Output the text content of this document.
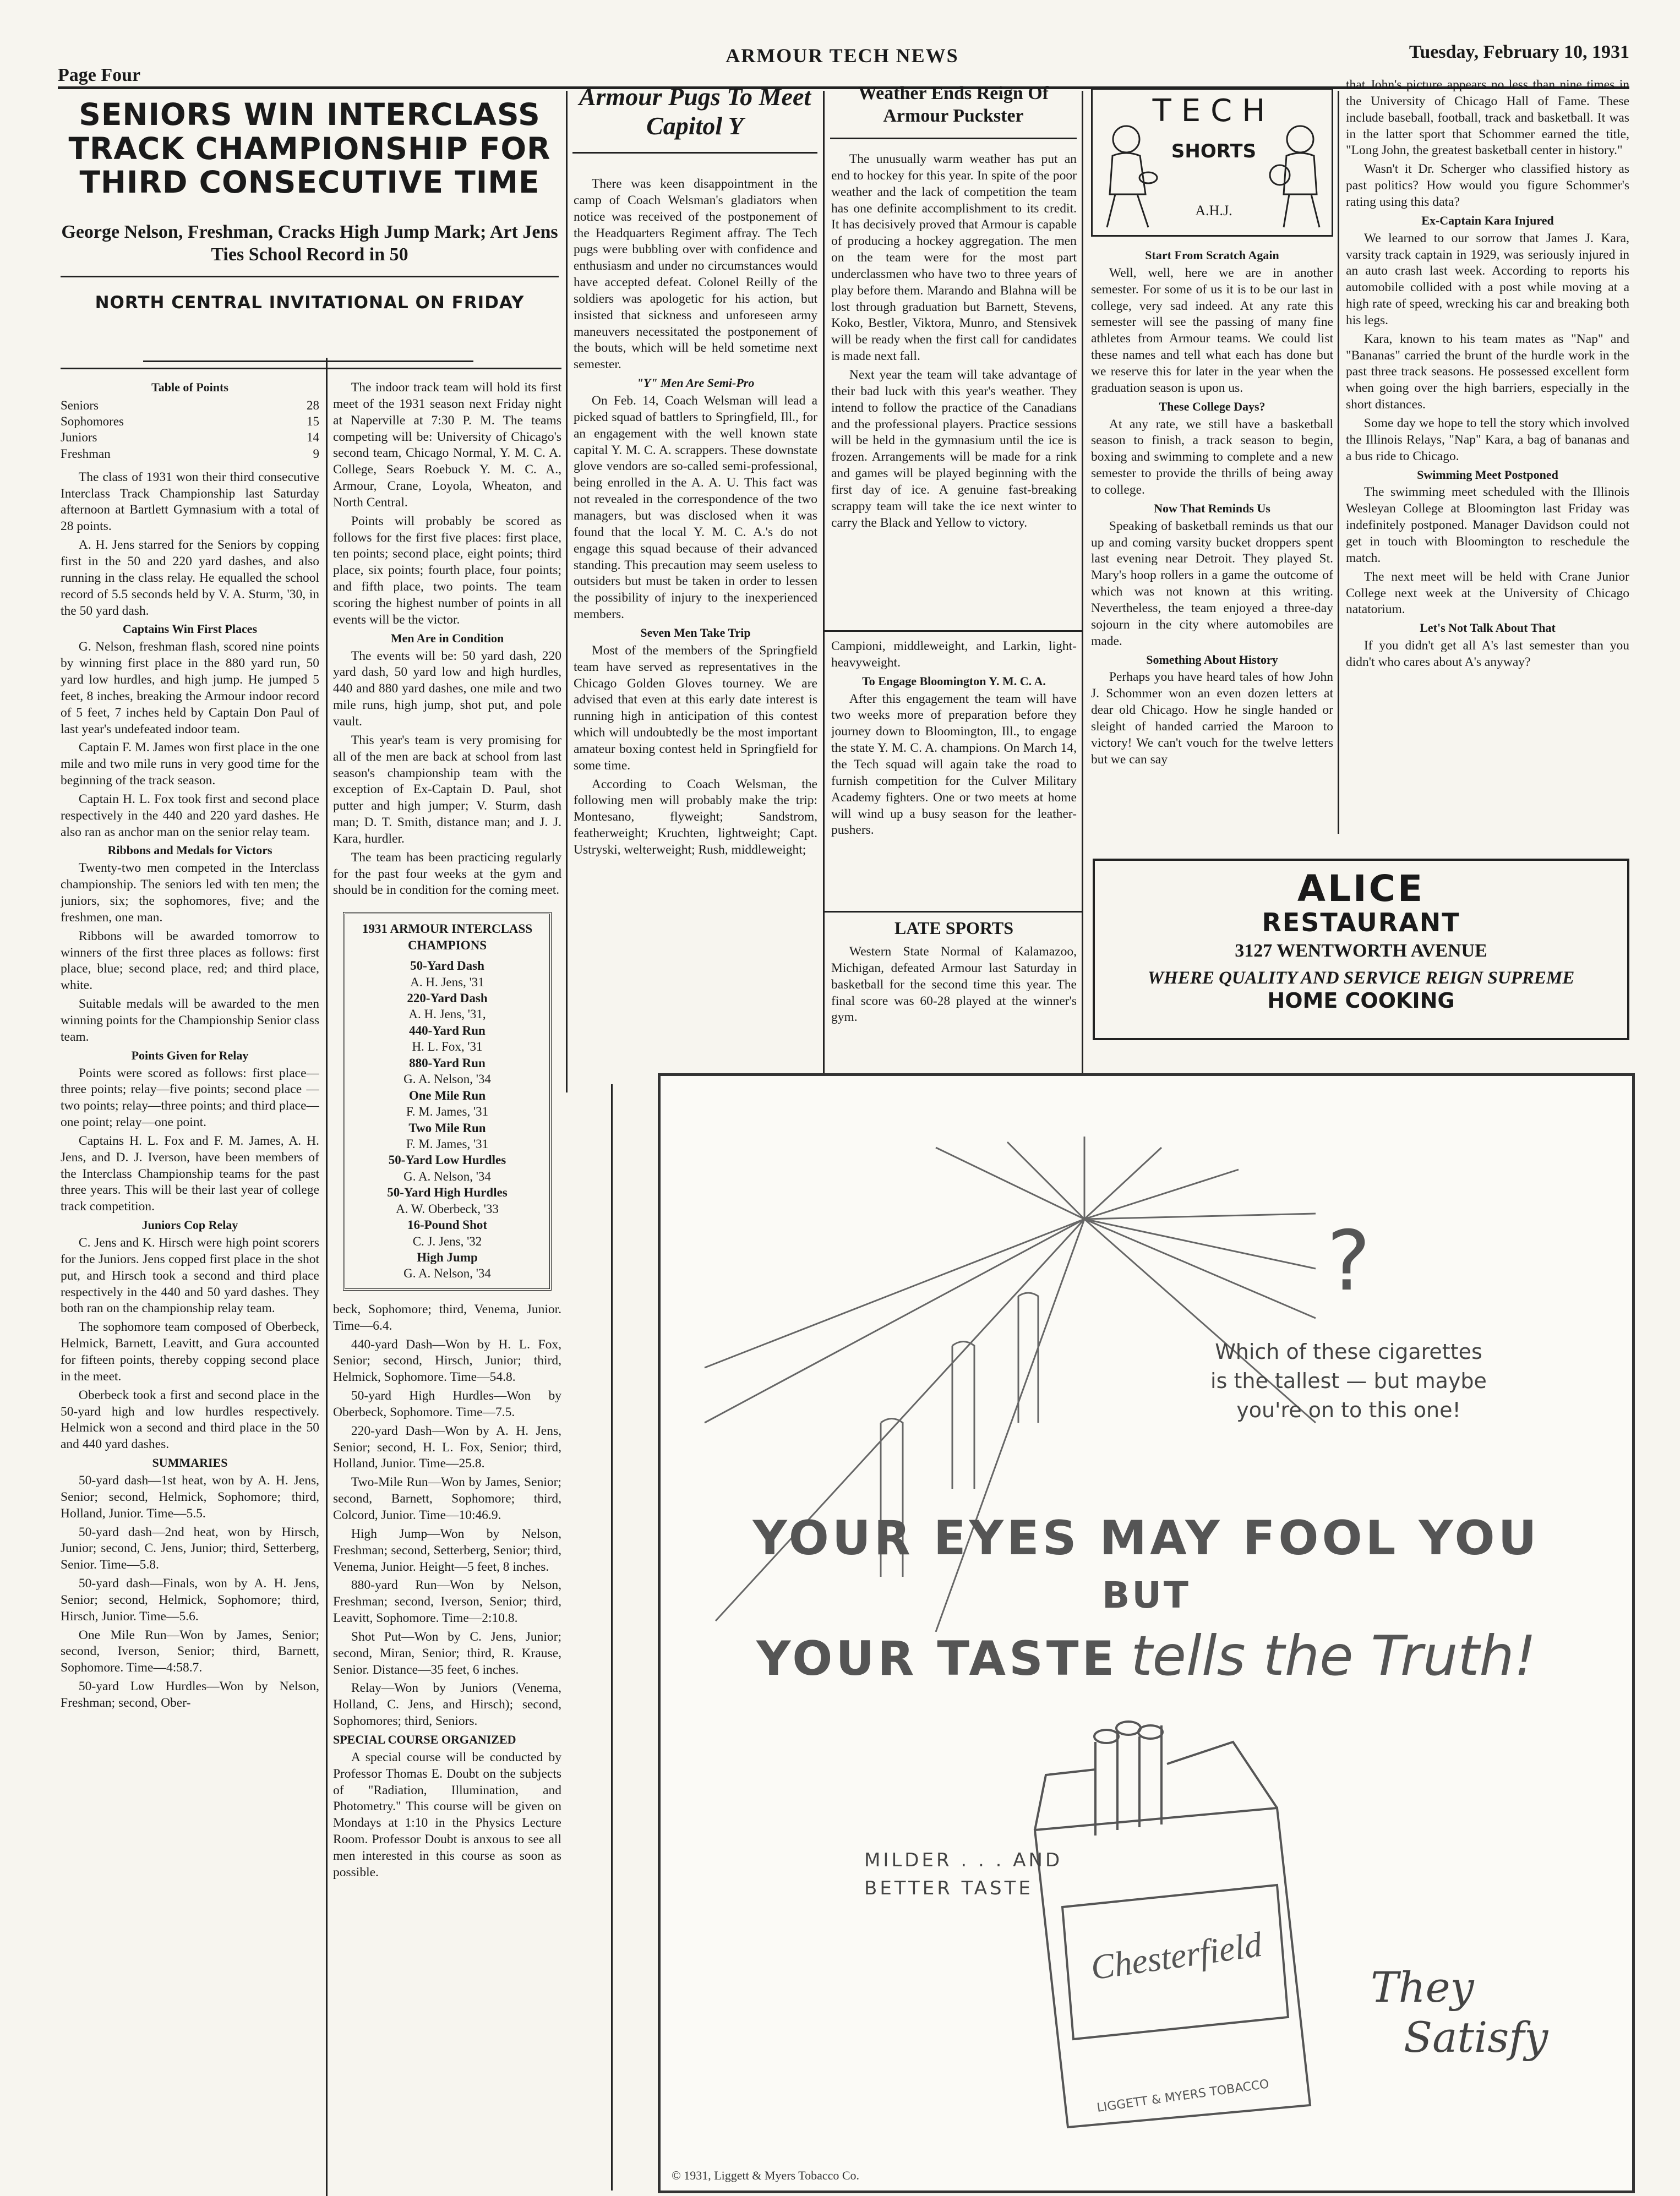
Page Four
ARMOUR TECH NEWS	Tuesday, February 10, 1931
SENIORS WIN INTERCLASS TRACK CHAMPIONSHIP FOR THIRD CONSECUTIVE TIME
George Nelson, Freshman, Cracks High Jump Mark; Art Jens Ties School Record in 50
NORTH CENTRAL INVITATIONAL ON FRIDAY

Table of Points

Seniors	28
Sophomores	15
Juniors	14
Freshman	9

The class of 1931 won their third consecutive Interclass Track Championship last Saturday afternoon at Bartlett Gymnasium with a total of 28 points.

A. H. Jens starred for the Seniors by copping first in the 50 and 220 yard dashes, and also running in the class relay. He equalled the school record of 5.5 seconds held by V. A. Sturm, '30, in the 50 yard dash.

Captains Win First Places

G. Nelson, freshman flash, scored nine points by winning first place in the 880 yard run, 50 yard low hurdles, and high jump. He jumped 5 feet, 8 inches, breaking the Armour indoor record of 5 feet, 7 inches held by Captain Don Paul of last year's undefeated indoor team.

Captain F. M. James won first place in the one mile and two mile runs in very good time for the beginning of the track season.

Captain H. L. Fox took first and second place respectively in the 440 and 220 yard dashes. He also ran as anchor man on the senior relay team.

Ribbons and Medals for Victors

Twenty-two men competed in the Interclass championship. The seniors led with ten men; the juniors, six; the sophomores, five; and the freshmen, one man.

Ribbons will be awarded tomorrow to winners of the first three places as follows: first place, blue; second place, red; and third place, white.

Suitable medals will be awarded to the men winning points for the Championship Senior class team.

Points Given for Relay

Points were scored as follows: first place—three points; relay—five points; second place — two points; relay—three points; and third place—one point; relay—one point.

Captains H. L. Fox and F. M. James, A. H. Jens, and D. J. Iverson, have been members of the Interclass Championship teams for the past three years. This will be their last year of college track competition.

Juniors Cop Relay

C. Jens and K. Hirsch were high point scorers for the Juniors. Jens copped first place in the shot put, and Hirsch took a second and third place respectively in the 440 and 50 yard dashes. They both ran on the championship relay team.

The sophomore team composed of Oberbeck, Helmick, Barnett, Leavitt, and Gura accounted for fifteen points, thereby copping second place in the meet.

Oberbeck took a first and second place in the 50-yard high and low hurdles respectively. Helmick won a second and third place in the 50 and 440 yard dashes.

SUMMARIES

50-yard dash—1st heat, won by A. H. Jens, Senior; second, Helmick, Sophomore; third, Holland, Junior. Time—5.5.

50-yard dash—2nd heat, won by Hirsch, Junior; second, C. Jens, Junior; third, Setterberg, Senior. Time—5.8.

50-yard dash—Finals, won by A. H. Jens, Senior; second, Helmick, Sophomore; third, Hirsch, Junior. Time—5.6.

One Mile Run—Won by James, Senior; second, Iverson, Senior; third, Barnett, Sophomore. Time—4:58.7.

50-yard Low Hurdles—Won by Nelson, Freshman; second, Ober-

The indoor track team will hold its first meet of the 1931 season next Friday night at Naperville at 7:30 P. M. The teams competing will be: University of Chicago's second team, Chicago Normal, Y. M. C. A. College, Sears Roebuck Y. M. C. A., Armour, Crane, Loyola, Wheaton, and North Central.

Points will probably be scored as follows for the first five places: first place, ten points; second place, eight points; third place, six points; fourth place, four points; and fifth place, two points. The team scoring the highest number of points in all events will be the victor.

Men Are in Condition

The events will be: 50 yard dash, 220 yard dash, 50 yard low and high hurdles, 440 and 880 yard dashes, one mile and two mile runs, high jump, shot put, and pole vault.

This year's team is very promising for all of the men are back at school from last season's championship team with the exception of Ex-Captain D. Paul, shot putter and high jumper; V. Sturm, dash man; D. T. Smith, distance man; and J. J. Kara, hurdler.

The team has been practicing regularly for the past four weeks at the gym and should be in condition for the coming meet.

1931 ARMOUR INTERCLASS CHAMPIONS
50-Yard Dash
A. H. Jens, '31
220-Yard Dash
A. H. Jens, '31,
440-Yard Run
H. L. Fox, '31
880-Yard Run
G. A. Nelson, '34
One Mile Run
F. M. James, '31
Two Mile Run
F. M. James, '31
50-Yard Low Hurdles
G. A. Nelson, '34
50-Yard High Hurdles
A. W. Oberbeck, '33
16-Pound Shot
C. J. Jens, '32
High Jump
G. A. Nelson, '34

beck, Sophomore; third, Venema, Junior. Time—6.4.

440-yard Dash—Won by H. L. Fox, Senior; second, Hirsch, Junior; third, Helmick, Sophomore. Time—54.8.

50-yard High Hurdles—Won by Oberbeck, Sophomore. Time—7.5.

220-yard Dash—Won by A. H. Jens, Senior; second, H. L. Fox, Senior; third, Holland, Junior. Time—25.8.

Two-Mile Run—Won by James, Senior; second, Barnett, Sophomore; third, Colcord, Junior. Time—10:46.9.

High Jump—Won by Nelson, Freshman; second, Setterberg, Senior; third, Venema, Junior. Height—5 feet, 8 inches.

880-yard Run—Won by Nelson, Freshman; second, Iverson, Senior; third, Leavitt, Sophomore. Time—2:10.8.

Shot Put—Won by C. Jens, Junior; second, Miran, Senior; third, R. Krause, Senior. Distance—35 feet, 6 inches.

Relay—Won by Juniors (Venema, Holland, C. Jens, and Hirsch); second, Sophomores; third, Seniors.

SPECIAL COURSE ORGANIZED

A special course will be conducted by Professor Thomas E. Doubt on the subjects of "Radiation, Illumination, and Photometry." This course will be given on Mondays at 1:10 in the Physics Lecture Room. Professor Doubt is anxous to see all men interested in this course as soon as possible.

Armour Pugs To Meet Capitol Y

There was keen disappointment in the camp of Coach Welsman's gladiators when notice was received of the postponement of the Headquarters Regiment affray. The Tech pugs were bubbling over with confidence and enthusiasm and under no circumstances would have accepted defeat. Colonel Reilly of the soldiers was apologetic for his action, but insisted that sickness and unforeseen army maneuvers necessitated the postponement of the bouts, which will be held sometime next semester.

"Y" Men Are Semi-Pro

On Feb. 14, Coach Welsman will lead a picked squad of battlers to Springfield, Ill., for an engagement with the well known state capital Y. M. C. A. scrappers. These downstate glove vendors are so-called semi-professional, being enrolled in the A. A. U. This fact was not revealed in the correspondence of the two managers, but was disclosed when it was found that the local Y. M. C. A.'s do not engage this squad because of their advanced standing. This precaution may seem useless to outsiders but must be taken in order to lessen the possibility of injury to the inexperienced members.

Seven Men Take Trip

Most of the members of the Springfield team have served as representatives in the Chicago Golden Gloves tourney. We are advised that even at this early date interest is running high in anticipation of this contest which will undoubtedly be the most important amateur boxing contest held in Springfield for some time.

According to Coach Welsman, the following men will probably make the trip: Montesano, flyweight; Sandstrom, featherweight; Kruchten, lightweight; Capt. Ustryski, welterweight; Rush, middleweight;

Weather Ends Reign Of Armour Puckster

The unusually warm weather has put an end to hockey for this year. In spite of the poor weather and the lack of competition the team has one definite accomplishment to its credit. It has decisively proved that Armour is capable of producing a hockey aggregation. The men on the team were for the most part underclassmen who have two to three years of play before them. Marando and Blahna will be lost through graduation but Barnett, Stevens, Koko, Bestler, Viktora, Munro, and Stensivek will be ready when the first call for candidates is made next fall.

Next year the team will take advantage of their bad luck with this year's weather. They intend to follow the practice of the Canadians and the professional players. Practice sessions will be held in the gymnasium until the ice is frozen. Arrangements will be made for a rink and games will be played beginning with the first day of ice. A genuine fast-breaking scrappy team will take the ice next winter to carry the Black and Yellow to victory.

Campioni, middleweight, and Larkin, light-heavyweight.

To Engage Bloomington Y. M. C. A.

After this engagement the team will have two weeks more of preparation before they journey down to Bloomington, Ill., to engage the state Y. M. C. A. champions. On March 14, the Tech squad will again take the road to furnish competition for the Culver Military Academy fighters. One or two meets at home will wind up a busy season for the leather-pushers.

LATE SPORTS

Western State Normal of Kalamazoo, Michigan, defeated Armour last Saturday in basketball for the second time this year. The final score was 60-28 played at the winner's gym.

TECH
SHORTS
A.H.J.

Start From Scratch Again

Well, well, here we are in another semester. For some of us it is to be our last in college, very sad indeed. At any rate this semester will see the passing of many fine athletes from Armour teams. We could list these names and tell what each has done but we reserve this for later in the year when the graduation season is upon us.

These College Days?

At any rate, we still have a basketball season to finish, a track season to begin, boxing and swimming to complete and a new semester to provide the thrills of being away to college.

Now That Reminds Us

Speaking of basketball reminds us that our up and coming varsity bucket droppers spent last evening near Detroit. They played St. Mary's hoop rollers in a game the outcome of which was not known at this writing. Nevertheless, the team enjoyed a three-day sojourn in the city where automobiles are made.

Something About History

Perhaps you have heard tales of how John J. Schommer won an even dozen letters at dear old Chicago. How he single handed or sleight of handed carried the Maroon to victory! We can't vouch for the twelve letters but we can say

that John's picture appears no less than nine times in the University of Chicago Hall of Fame. These include baseball, football, track and basketball. It was in the latter sport that Schommer earned the title, "Long John, the greatest basketball center in history."

Wasn't it Dr. Scherger who classified history as past politics? How would you figure Schommer's rating using this data?

Ex-Captain Kara Injured

We learned to our sorrow that James J. Kara, varsity track captain in 1929, was seriously injured in an auto crash last week. According to reports his automobile collided with a post while moving at a high rate of speed, wrecking his car and breaking both his legs.

Kara, known to his team mates as "Nap" and "Bananas" carried the brunt of the hurdle work in the past three track seasons. He possessed excellent form when going over the high barriers, especially in the short distances.

Some day we hope to tell the story which involved the Illinois Relays, "Nap" Kara, a bag of bananas and a bus ride to Chicago.

Swimming Meet Postponed

The swimming meet scheduled with the Illinois Wesleyan College at Bloomington last Friday was indefinitely postponed. Manager Davidson could not get in touch with Bloomington to reschedule the match.

The next meet will be held with Crane Junior College next week at the University of Chicago natatorium.

Let's Not Talk About That

If you didn't get all A's last semester than you didn't who cares about A's anyway?

ALICE
RESTAURANT
3127 WENTWORTH AVENUE
WHERE QUALITY AND SERVICE REIGN SUPREME
HOME COOKING
?
Which of these cigarettes
is the tallest — but maybe
you're on to this one!
YOUR EYES MAY FOOL YOU
BUT
YOUR TASTE tells the Truth!
Chesterfield
LIGGETT & MYERS TOBACCO
MILDER . . . AND
BETTER TASTE
They
Satisfy
© 1931, Liggett & Myers Tobacco Co.
